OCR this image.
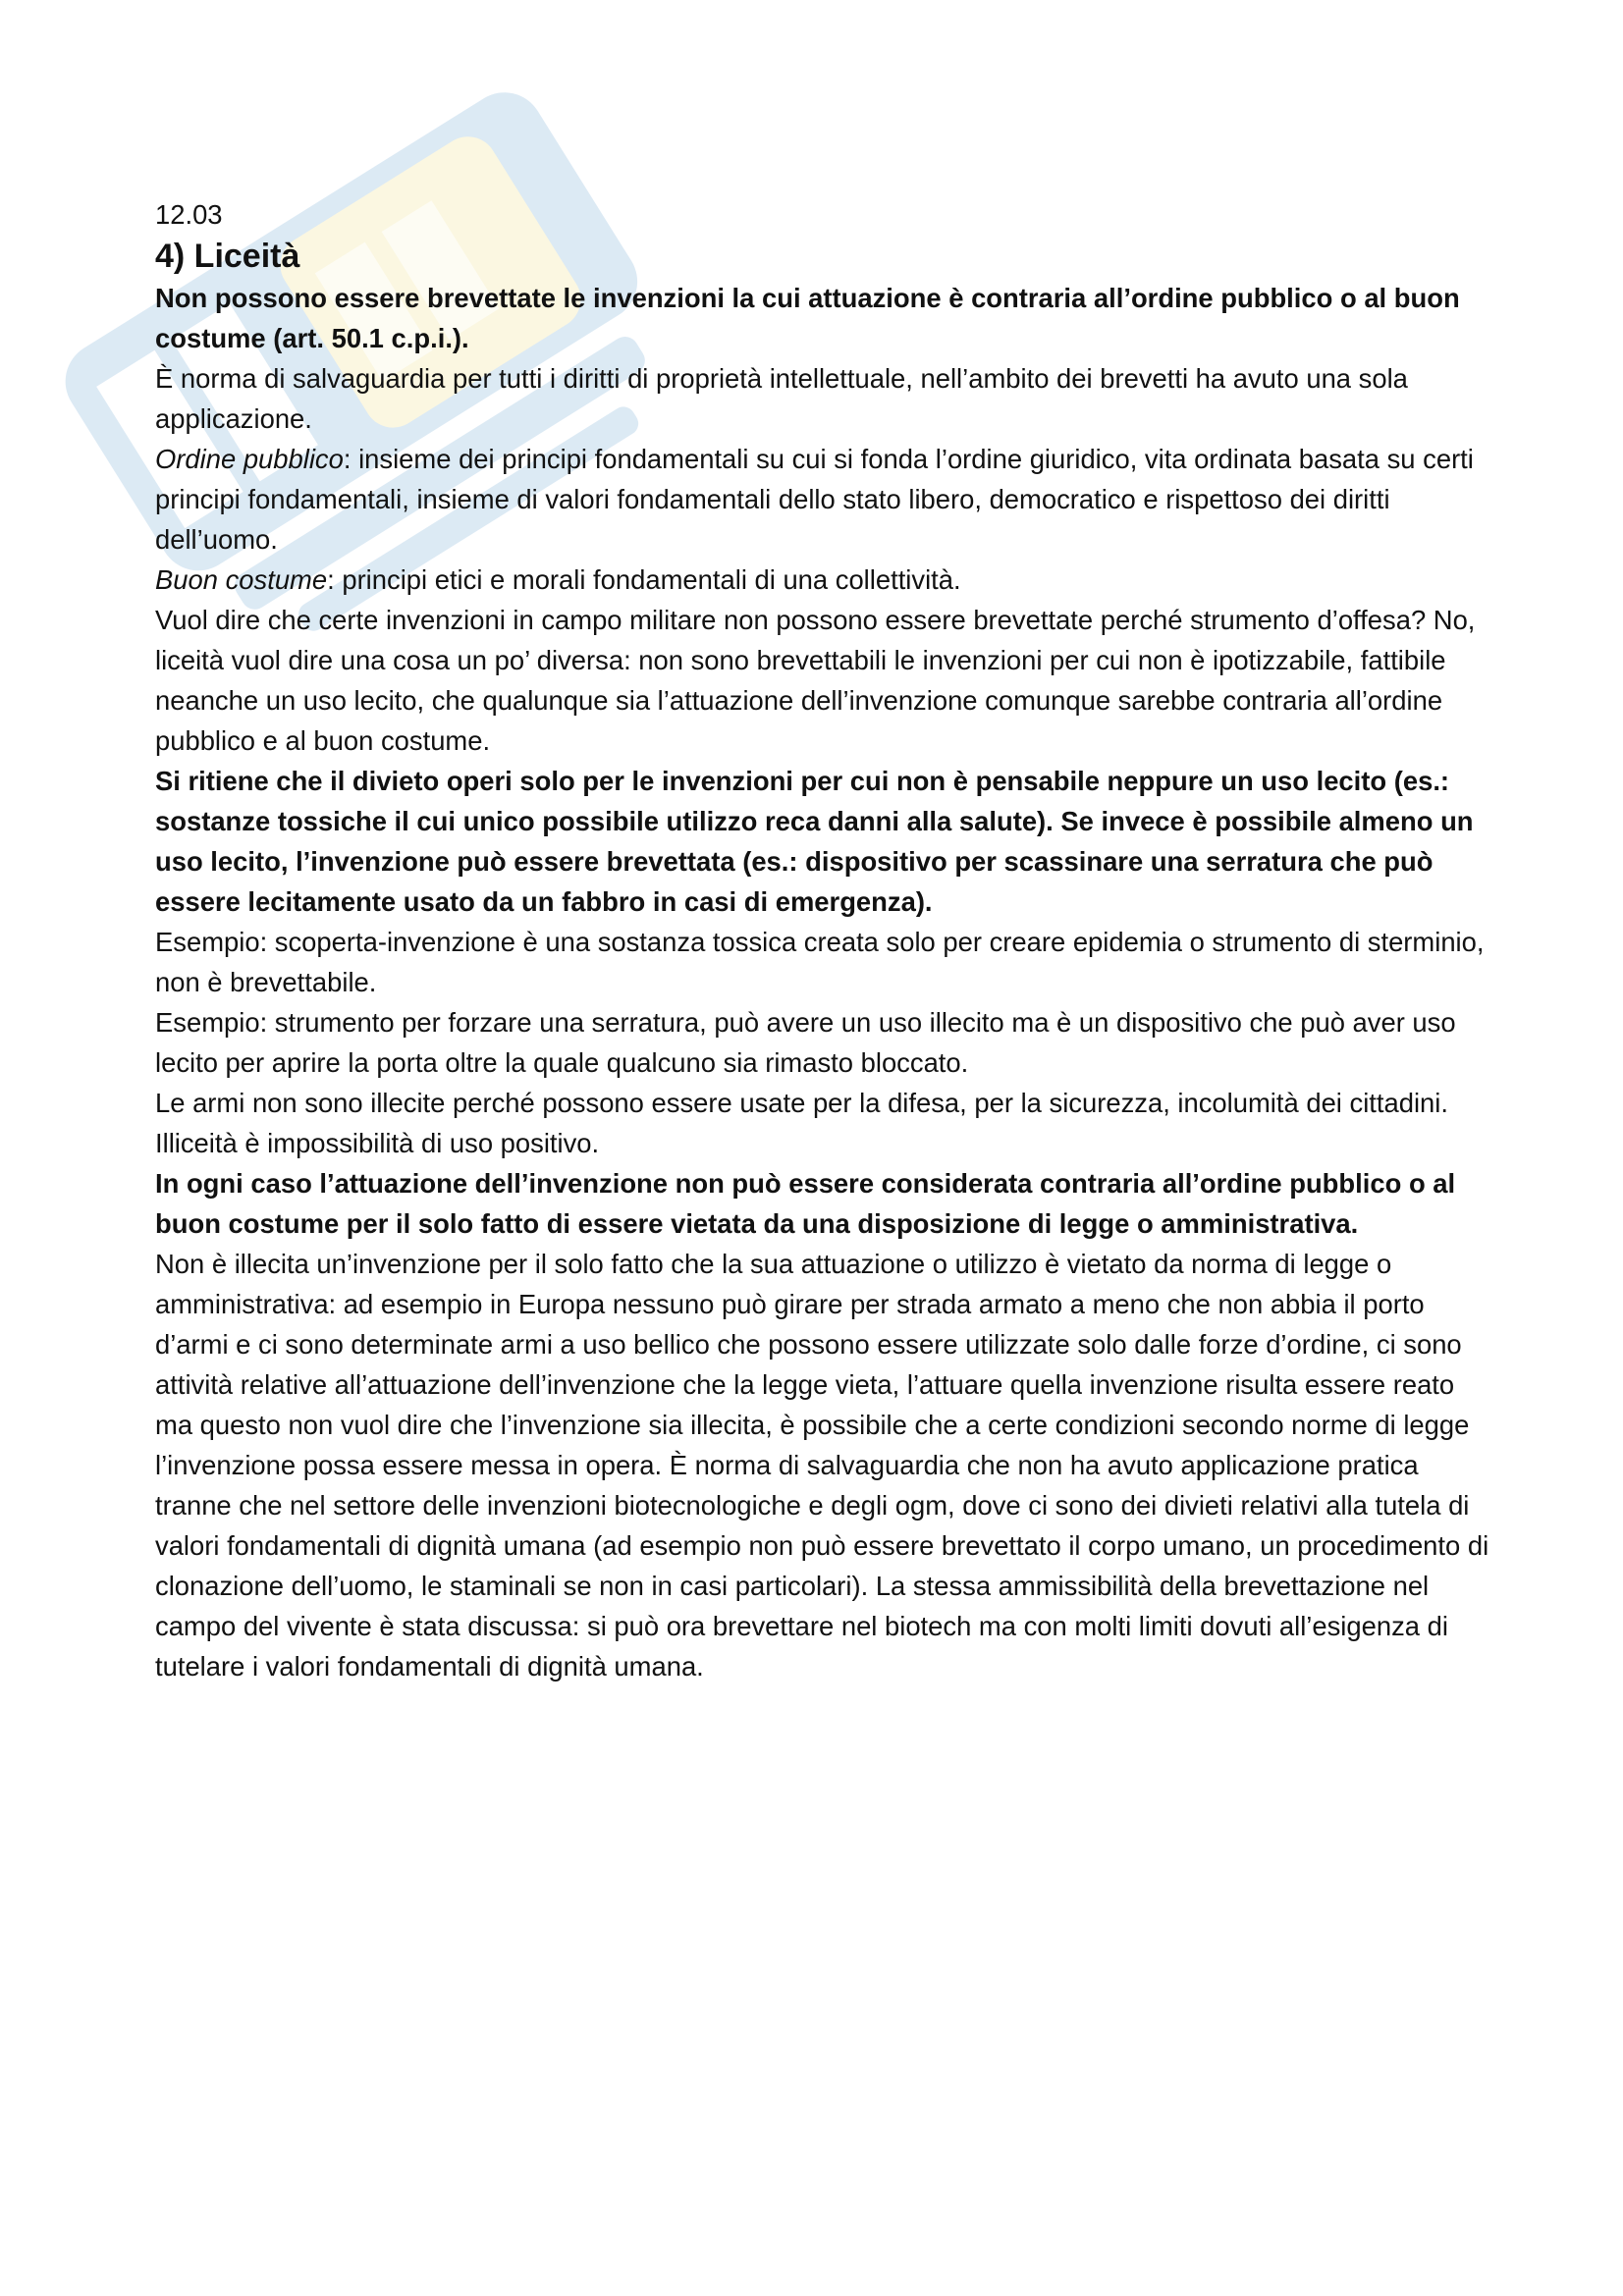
12.03

4) Liceità

Non possono essere brevettate le invenzioni la cui attuazione è contraria all’ordine pubblico o al buon costume (art. 50.1 c.p.i.).

È norma di salvaguardia per tutti i diritti di proprietà intellettuale, nell’ambito dei brevetti ha avuto una sola applicazione.

Ordine pubblico: insieme dei principi fondamentali su cui si fonda l’ordine giuridico, vita ordinata basata su certi principi fondamentali, insieme di valori fondamentali dello stato libero, democratico e rispettoso dei diritti dell’uomo.

Buon costume: principi etici e morali fondamentali di una collettività.

Vuol dire che certe invenzioni in campo militare non possono essere brevettate perché strumento d’offesa? No, liceità vuol dire una cosa un po’ diversa: non sono brevettabili le invenzioni per cui non è ipotizzabile, fattibile neanche un uso lecito, che qualunque sia l’attuazione dell’invenzione comunque sarebbe contraria all’ordine pubblico e al buon costume.

Si ritiene che il divieto operi solo per le invenzioni per cui non è pensabile neppure un uso lecito (es.: sostanze tossiche il cui unico possibile utilizzo reca danni alla salute). Se invece è possibile almeno un uso lecito, l’invenzione può essere brevettata (es.: dispositivo per scassinare una serratura che può essere lecitamente usato da un fabbro in casi di emergenza).

Esempio: scoperta-invenzione è una sostanza tossica creata solo per creare epidemia o strumento di sterminio, non è brevettabile.

Esempio: strumento per forzare una serratura, può avere un uso illecito ma è un dispositivo che può aver uso lecito per aprire la porta oltre la quale qualcuno sia rimasto bloccato.

Le armi non sono illecite perché possono essere usate per la difesa, per la sicurezza, incolumità dei cittadini. Illiceità è impossibilità di uso positivo.

In ogni caso l’attuazione dell’invenzione non può essere considerata contraria all’ordine pubblico o al buon costume per il solo fatto di essere vietata da una disposizione di legge o amministrativa.

Non è illecita un’invenzione per il solo fatto che la sua attuazione o utilizzo è vietato da norma di legge o amministrativa: ad esempio in Europa nessuno può girare per strada armato a meno che non abbia il porto d’armi e ci sono determinate armi a uso bellico che possono essere utilizzate solo dalle forze d’ordine, ci sono attività relative all’attuazione dell’invenzione che la legge vieta, l’attuare quella invenzione risulta essere reato ma questo non vuol dire che l’invenzione sia illecita, è possibile che a certe condizioni secondo norme di legge l’invenzione possa essere messa in opera. È norma di salvaguardia che non ha avuto applicazione pratica tranne che nel settore delle invenzioni biotecnologiche e degli ogm, dove ci sono dei divieti relativi alla tutela di valori fondamentali di dignità umana (ad esempio non può essere brevettato il corpo umano, un procedimento di clonazione dell’uomo, le staminali se non in casi particolari). La stessa ammissibilità della brevettazione nel campo del vivente è stata discussa: si può ora brevettare nel biotech ma con molti limiti dovuti all’esigenza di tutelare i valori fondamentali di dignità umana.
